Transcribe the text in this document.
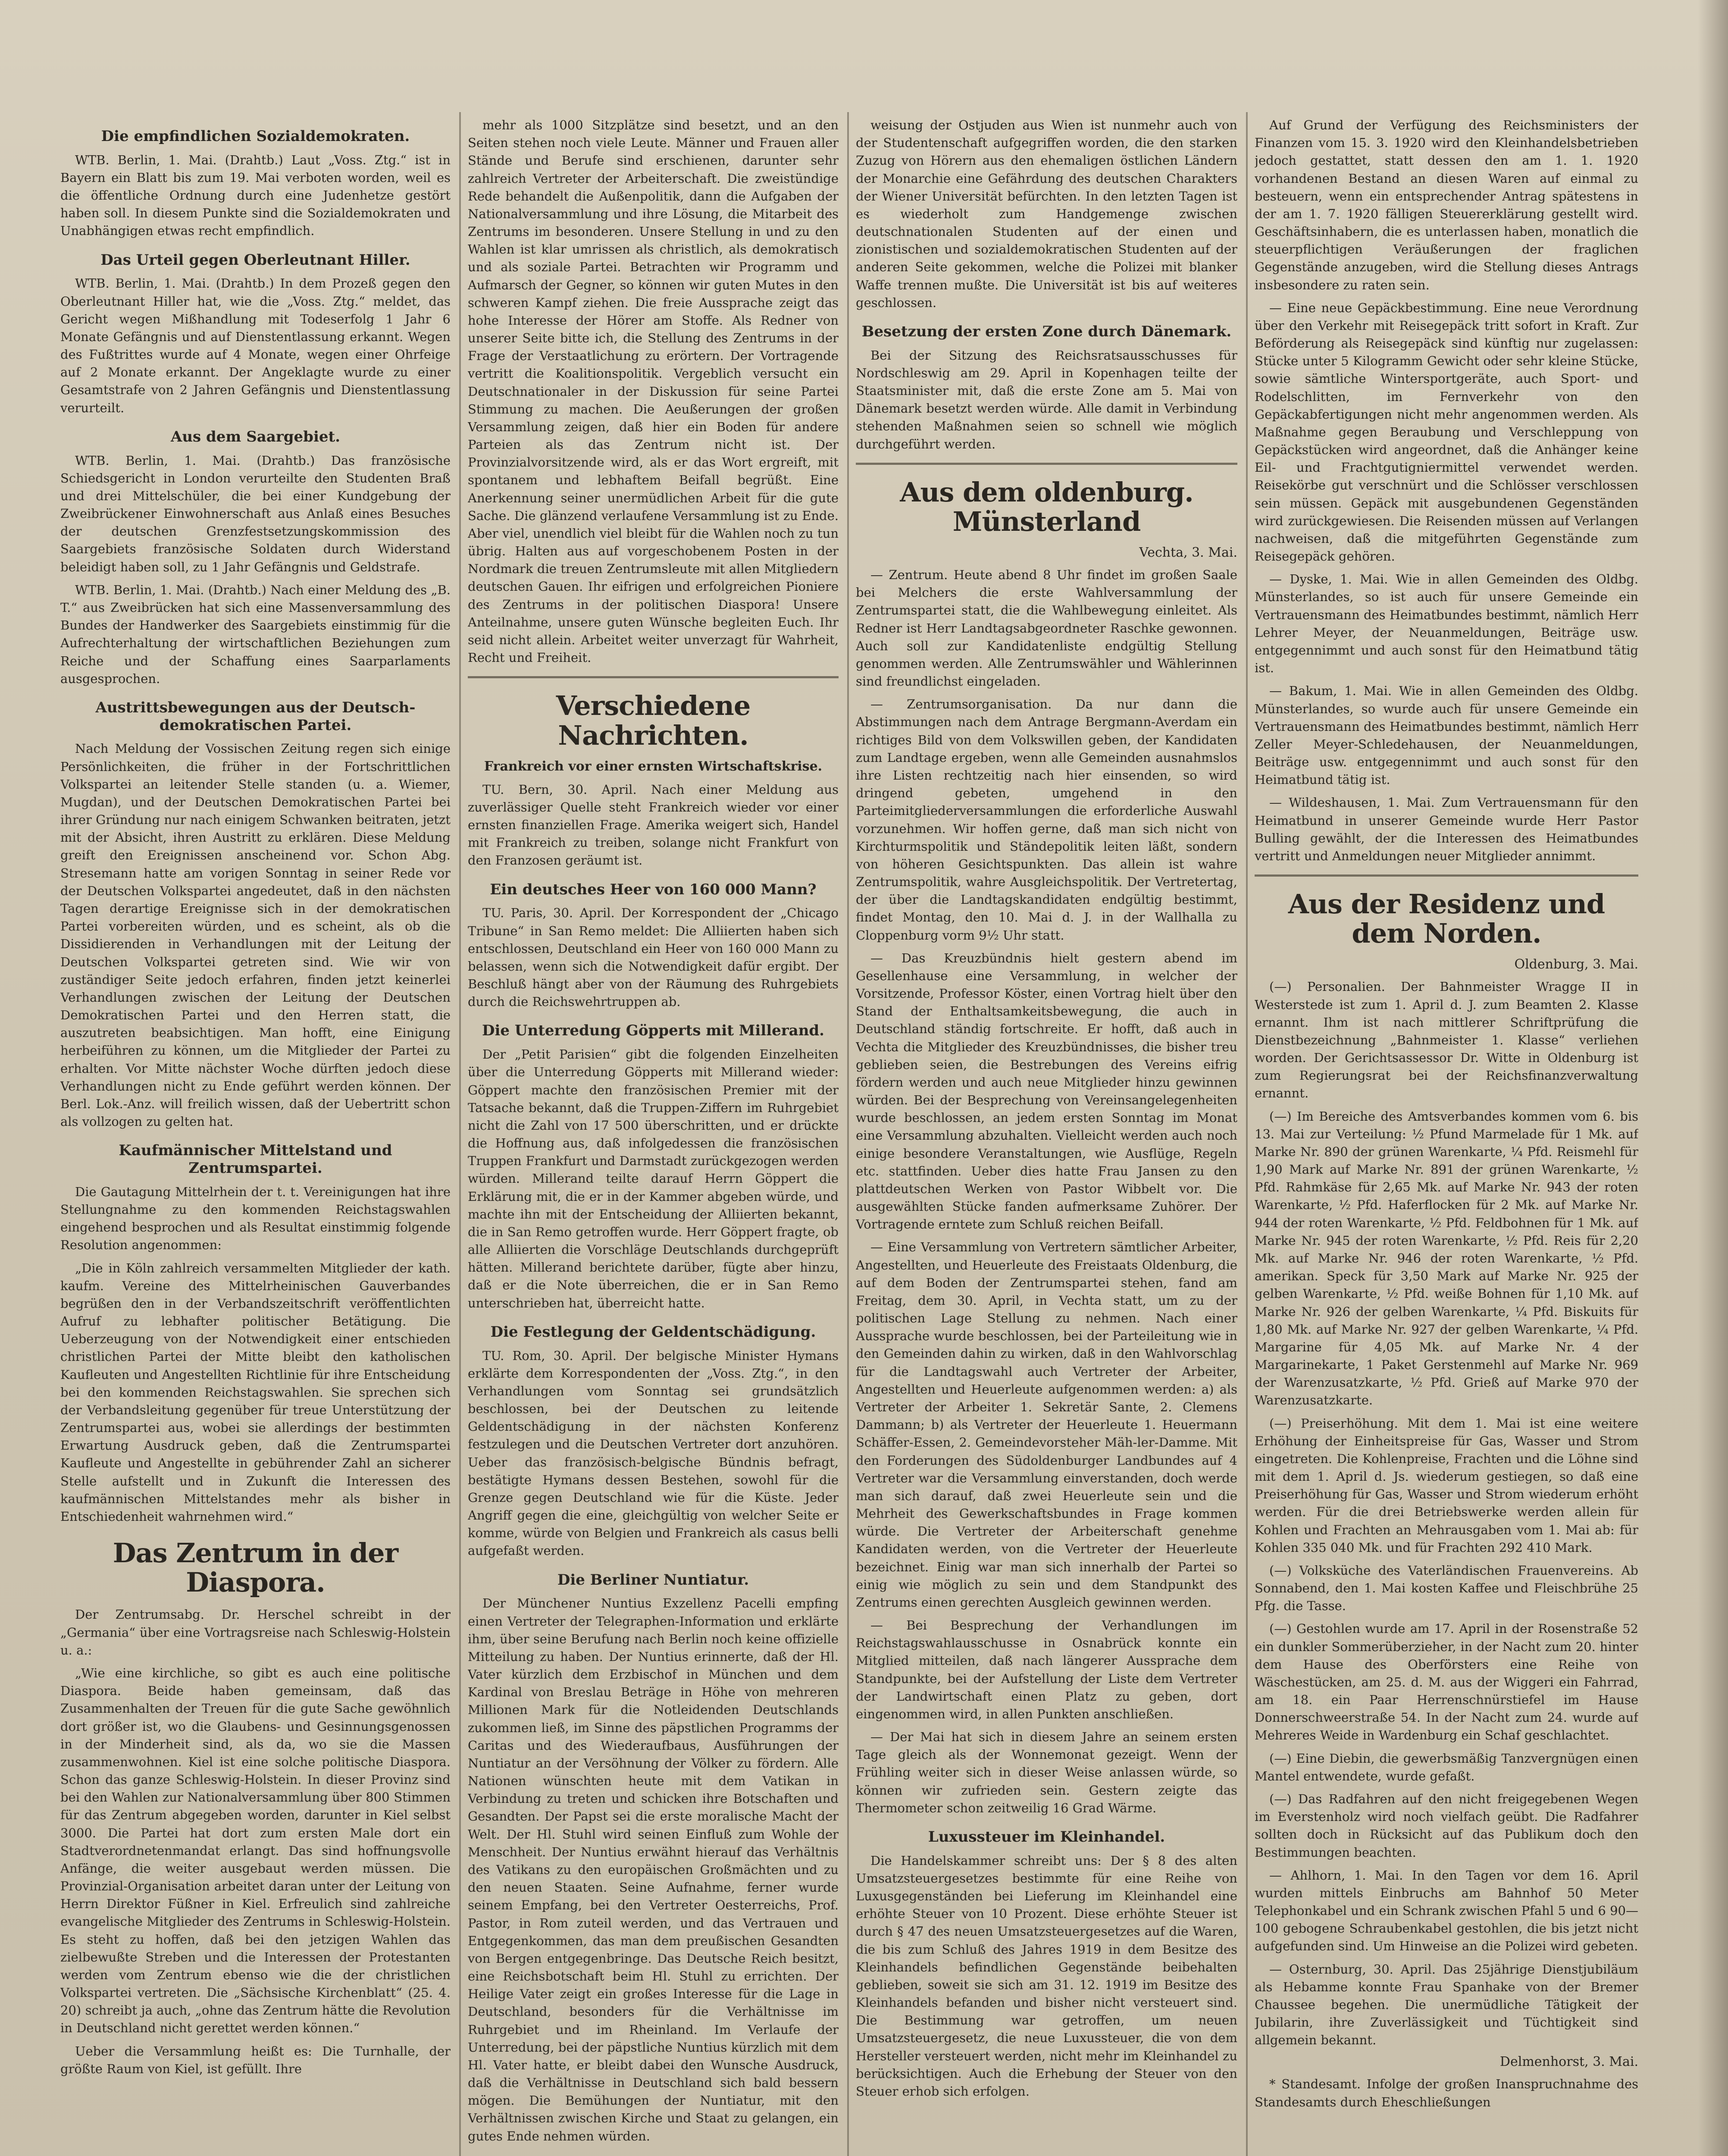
Die empfindlichen Sozialdemokraten.

WTB. Berlin, 1. Mai. (Drahtb.) Laut „Voss. Ztg.“ ist in Bayern ein Blatt bis zum 19. Mai verboten worden, weil es die öffentliche Ordnung durch eine Judenhetze gestört haben soll. In diesem Punkte sind die Sozialdemokraten und Unabhängigen etwas recht empfindlich.

Das Urteil gegen Oberleutnant Hiller.

WTB. Berlin, 1. Mai. (Drahtb.) In dem Prozeß gegen den Oberleutnant Hiller hat, wie die „Voss. Ztg.“ meldet, das Gericht wegen Mißhandlung mit Todeserfolg 1 Jahr 6 Monate Gefängnis und auf Dienstentlassung erkannt. Wegen des Fußtrittes wurde auf 4 Monate, wegen einer Ohrfeige auf 2 Monate erkannt. Der Angeklagte wurde zu einer Gesamtstrafe von 2 Jahren Gefängnis und Dienstentlassung verurteilt.

Aus dem Saargebiet.

WTB. Berlin, 1. Mai. (Drahtb.) Das französische Schiedsgericht in London verurteilte den Studenten Braß und drei Mittelschüler, die bei einer Kundgebung der Zweibrückener Einwohnerschaft aus Anlaß eines Besuches der deutschen Grenzfestsetzungskommission des Saargebiets französische Soldaten durch Widerstand beleidigt haben soll, zu 1 Jahr Gefängnis und Geldstrafe.

WTB. Berlin, 1. Mai. (Drahtb.) Nach einer Meldung des „B. T.“ aus Zweibrücken hat sich eine Massenversammlung des Bundes der Handwerker des Saargebiets einstimmig für die Aufrechterhaltung der wirtschaftlichen Beziehungen zum Reiche und der Schaffung eines Saarparlaments ausgesprochen.

Austrittsbewegungen aus der Deutsch-demokratischen Partei.

Nach Meldung der Vossischen Zeitung regen sich einige Persönlichkeiten, die früher in der Fortschrittlichen Volkspartei an leitender Stelle standen (u. a. Wiemer, Mugdan), und der Deutschen Demokratischen Partei bei ihrer Gründung nur nach einigem Schwanken beitraten, jetzt mit der Absicht, ihren Austritt zu erklären. Diese Meldung greift den Ereignissen anscheinend vor. Schon Abg. Stresemann hatte am vorigen Sonntag in seiner Rede vor der Deutschen Volkspartei angedeutet, daß in den nächsten Tagen derartige Ereignisse sich in der demokratischen Partei vorbereiten würden, und es scheint, als ob die Dissidierenden in Verhandlungen mit der Leitung der Deutschen Volkspartei getreten sind. Wie wir von zuständiger Seite jedoch erfahren, finden jetzt keinerlei Verhandlungen zwischen der Leitung der Deutschen Demokratischen Partei und den Herren statt, die auszutreten beabsichtigen. Man hofft, eine Einigung herbeiführen zu können, um die Mitglieder der Partei zu erhalten. Vor Mitte nächster Woche dürften jedoch diese Verhandlungen nicht zu Ende geführt werden können. Der Berl. Lok.-Anz. will freilich wissen, daß der Uebertritt schon als vollzogen zu gelten hat.

Kaufmännischer Mittelstand und Zentrumspartei.

Die Gautagung Mittelrhein der t. t. Vereinigungen hat ihre Stellungnahme zu den kommenden Reichstagswahlen eingehend besprochen und als Resultat einstimmig folgende Resolution angenommen:

„Die in Köln zahlreich versammelten Mitglieder der kath. kaufm. Vereine des Mittelrheinischen Gauverbandes begrüßen den in der Verbandszeitschrift veröffentlichten Aufruf zu lebhafter politischer Betätigung. Die Ueberzeugung von der Notwendigkeit einer entschieden christlichen Partei der Mitte bleibt den katholischen Kaufleuten und Angestellten Richtlinie für ihre Entscheidung bei den kommenden Reichstagswahlen. Sie sprechen sich der Verbandsleitung gegenüber für treue Unterstützung der Zentrumspartei aus, wobei sie allerdings der bestimmten Erwartung Ausdruck geben, daß die Zentrumspartei Kaufleute und Angestellte in gebührender Zahl an sicherer Stelle aufstellt und in Zukunft die Interessen des kaufmännischen Mittelstandes mehr als bisher in Entschiedenheit wahrnehmen wird.“

Das Zentrum in der Diaspora.

Der Zentrumsabg. Dr. Herschel schreibt in der „Germania“ über eine Vortragsreise nach Schleswig-Holstein u. a.:

„Wie eine kirchliche, so gibt es auch eine politische Diaspora. Beide haben gemeinsam, daß das Zusammenhalten der Treuen für die gute Sache gewöhnlich dort größer ist, wo die Glaubens- und Gesinnungsgenossen in der Minderheit sind, als da, wo sie die Massen zusammenwohnen. Kiel ist eine solche politische Diaspora. Schon das ganze Schleswig-Holstein. In dieser Provinz sind bei den Wahlen zur Nationalversammlung über 800 Stimmen für das Zentrum abgegeben worden, darunter in Kiel selbst 3000. Die Partei hat dort zum ersten Male dort ein Stadtverordnetenmandat erlangt. Das sind hoffnungsvolle Anfänge, die weiter ausgebaut werden müssen. Die Provinzial-Organisation arbeitet daran unter der Leitung von Herrn Direktor Füßner in Kiel. Erfreulich sind zahlreiche evangelische Mitglieder des Zentrums in Schleswig-Holstein. Es steht zu hoffen, daß bei den jetzigen Wahlen das zielbewußte Streben und die Interessen der Protestanten werden vom Zentrum ebenso wie die der christlichen Volkspartei vertreten. Die „Sächsische Kirchenblatt“ (25. 4. 20) schreibt ja auch, „ohne das Zentrum hätte die Revolution in Deutschland nicht gerettet werden können.“

Ueber die Versammlung heißt es: Die Turnhalle, der größte Raum von Kiel, ist gefüllt. Ihre

mehr als 1000 Sitzplätze sind besetzt, und an den Seiten stehen noch viele Leute. Männer und Frauen aller Stände und Berufe sind erschienen, darunter sehr zahlreich Vertreter der Arbeiterschaft. Die zweistündige Rede behandelt die Außenpolitik, dann die Aufgaben der Nationalversammlung und ihre Lösung, die Mitarbeit des Zentrums im besonderen. Unsere Stellung in und zu den Wahlen ist klar umrissen als christlich, als demokratisch und als soziale Partei. Betrachten wir Programm und Aufmarsch der Gegner, so können wir guten Mutes in den schweren Kampf ziehen. Die freie Aussprache zeigt das hohe Interesse der Hörer am Stoffe. Als Redner von unserer Seite bitte ich, die Stellung des Zentrums in der Frage der Verstaatlichung zu erörtern. Der Vortragende vertritt die Koalitionspolitik. Vergeblich versucht ein Deutschnationaler in der Diskussion für seine Partei Stimmung zu machen. Die Aeußerungen der großen Versammlung zeigen, daß hier ein Boden für andere Parteien als das Zentrum nicht ist. Der Provinzialvorsitzende wird, als er das Wort ergreift, mit spontanem und lebhaftem Beifall begrüßt. Eine Anerkennung seiner unermüdlichen Arbeit für die gute Sache. Die glänzend verlaufene Versammlung ist zu Ende. Aber viel, unendlich viel bleibt für die Wahlen noch zu tun übrig. Halten aus auf vorgeschobenem Posten in der Nordmark die treuen Zentrumsleute mit allen Mitgliedern deutschen Gauen. Ihr eifrigen und erfolgreichen Pioniere des Zentrums in der politischen Diaspora! Unsere Anteilnahme, unsere guten Wünsche begleiten Euch. Ihr seid nicht allein. Arbeitet weiter unverzagt für Wahrheit, Recht und Freiheit.

Verschiedene Nachrichten.
Frankreich vor einer ernsten Wirtschaftskrise.

TU. Bern, 30. April. Nach einer Meldung aus zuverlässiger Quelle steht Frankreich wieder vor einer ernsten finanziellen Frage. Amerika weigert sich, Handel mit Frankreich zu treiben, solange nicht Frankfurt von den Franzosen geräumt ist.

Ein deutsches Heer von 160 000 Mann?

TU. Paris, 30. April. Der Korrespondent der „Chicago Tribune“ in San Remo meldet: Die Alliierten haben sich entschlossen, Deutschland ein Heer von 160 000 Mann zu belassen, wenn sich die Notwendigkeit dafür ergibt. Der Beschluß hängt aber von der Räumung des Ruhrgebiets durch die Reichswehrtruppen ab.

Die Unterredung Göpperts mit Millerand.

Der „Petit Parisien“ gibt die folgenden Einzelheiten über die Unterredung Göpperts mit Millerand wieder: Göppert machte den französischen Premier mit der Tatsache bekannt, daß die Truppen-Ziffern im Ruhrgebiet nicht die Zahl von 17 500 überschritten, und er drückte die Hoffnung aus, daß infolgedessen die französischen Truppen Frankfurt und Darmstadt zurückgezogen werden würden. Millerand teilte darauf Herrn Göppert die Erklärung mit, die er in der Kammer abgeben würde, und machte ihn mit der Entscheidung der Alliierten bekannt, die in San Remo getroffen wurde. Herr Göppert fragte, ob alle Alliierten die Vorschläge Deutschlands durchgeprüft hätten. Millerand berichtete darüber, fügte aber hinzu, daß er die Note überreichen, die er in San Remo unterschrieben hat, überreicht hatte.

Die Festlegung der Geldentschädigung.

TU. Rom, 30. April. Der belgische Minister Hymans erklärte dem Korrespondenten der „Voss. Ztg.“, in den Verhandlungen vom Sonntag sei grundsätzlich beschlossen, bei der Deutschen zu leitende Geldentschädigung in der nächsten Konferenz festzulegen und die Deutschen Vertreter dort anzuhören. Ueber das französisch-belgische Bündnis befragt, bestätigte Hymans dessen Bestehen, sowohl für die Grenze gegen Deutschland wie für die Küste. Jeder Angriff gegen die eine, gleichgültig von welcher Seite er komme, würde von Belgien und Frankreich als casus belli aufgefaßt werden.

Die Berliner Nuntiatur.

Der Münchener Nuntius Exzellenz Pacelli empfing einen Vertreter der Telegraphen-Information und erklärte ihm, über seine Berufung nach Berlin noch keine offizielle Mitteilung zu haben. Der Nuntius erinnerte, daß der Hl. Vater kürzlich dem Erzbischof in München und dem Kardinal von Breslau Beträge in Höhe von mehreren Millionen Mark für die Notleidenden Deutschlands zukommen ließ, im Sinne des päpstlichen Programms der Caritas und des Wiederaufbaus, Ausführungen der Nuntiatur an der Versöhnung der Völker zu fördern. Alle Nationen wünschten heute mit dem Vatikan in Verbindung zu treten und schicken ihre Botschaften und Gesandten. Der Papst sei die erste moralische Macht der Welt. Der Hl. Stuhl wird seinen Einfluß zum Wohle der Menschheit. Der Nuntius erwähnt hierauf das Verhältnis des Vatikans zu den europäischen Großmächten und zu den neuen Staaten. Seine Aufnahme, ferner wurde seinem Empfang, bei den Vertreter Oesterreichs, Prof. Pastor, in Rom zuteil werden, und das Vertrauen und Entgegenkommen, das man dem preußischen Gesandten von Bergen entgegenbringe. Das Deutsche Reich besitzt, eine Reichsbotschaft beim Hl. Stuhl zu errichten. Der Heilige Vater zeigt ein großes Interesse für die Lage in Deutschland, besonders für die Verhältnisse im Ruhrgebiet und im Rheinland. Im Verlaufe der Unterredung, bei der päpstliche Nuntius kürzlich mit dem Hl. Vater hatte, er bleibt dabei den Wunsche Ausdruck, daß die Verhältnisse in Deutschland sich bald bessern mögen. Die Bemühungen der Nuntiatur, mit den Verhältnissen zwischen Kirche und Staat zu gelangen, ein gutes Ende nehmen würden.

weisung der Ostjuden aus Wien ist nunmehr auch von der Studentenschaft aufgegriffen worden, die den starken Zuzug von Hörern aus den ehemaligen östlichen Ländern der Monarchie eine Gefährdung des deutschen Charakters der Wiener Universität befürchten. In den letzten Tagen ist es wiederholt zum Handgemenge zwischen deutschnationalen Studenten auf der einen und zionistischen und sozialdemokratischen Studenten auf der anderen Seite gekommen, welche die Polizei mit blanker Waffe trennen mußte. Die Universität ist bis auf weiteres geschlossen.

Besetzung der ersten Zone durch Dänemark.

Bei der Sitzung des Reichsratsausschusses für Nordschleswig am 29. April in Kopenhagen teilte der Staatsminister mit, daß die erste Zone am 5. Mai von Dänemark besetzt werden würde. Alle damit in Verbindung stehenden Maßnahmen seien so schnell wie möglich durchgeführt werden.

Aus dem oldenburg. Münsterland
Vechta, 3. Mai.

— Zentrum. Heute abend 8 Uhr findet im großen Saale bei Melchers die erste Wahlversammlung der Zentrumspartei statt, die die Wahlbewegung einleitet. Als Redner ist Herr Landtagsabgeordneter Raschke gewonnen. Auch soll zur Kandidatenliste endgültig Stellung genommen werden. Alle Zentrumswähler und Wählerinnen sind freundlichst eingeladen.

— Zentrumsorganisation. Da nur dann die Abstimmungen nach dem Antrage Bergmann-Averdam ein richtiges Bild von dem Volkswillen geben, der Kandidaten zum Landtage ergeben, wenn alle Gemeinden ausnahmslos ihre Listen rechtzeitig nach hier einsenden, so wird dringend gebeten, umgehend in den Parteimitgliederversammlungen die erforderliche Auswahl vorzunehmen. Wir hoffen gerne, daß man sich nicht von Kirchturmspolitik und Ständepolitik leiten läßt, sondern von höheren Gesichtspunkten. Das allein ist wahre Zentrumspolitik, wahre Ausgleichspolitik. Der Vertretertag, der über die Landtagskandidaten endgültig bestimmt, findet Montag, den 10. Mai d. J. in der Wallhalla zu Cloppenburg vorm 9½ Uhr statt.

— Das Kreuzbündnis hielt gestern abend im Gesellenhause eine Versammlung, in welcher der Vorsitzende, Professor Köster, einen Vortrag hielt über den Stand der Enthaltsamkeitsbewegung, die auch in Deutschland ständig fortschreite. Er hofft, daß auch in Vechta die Mitglieder des Kreuzbündnisses, die bisher treu geblieben seien, die Bestrebungen des Vereins eifrig fördern werden und auch neue Mitglieder hinzu gewinnen würden. Bei der Besprechung von Vereinsangelegenheiten wurde beschlossen, an jedem ersten Sonntag im Monat eine Versammlung abzuhalten. Vielleicht werden auch noch einige besondere Veranstaltungen, wie Ausflüge, Regeln etc. stattfinden. Ueber dies hatte Frau Jansen zu den plattdeutschen Werken von Pastor Wibbelt vor. Die ausgewählten Stücke fanden aufmerksame Zuhörer. Der Vortragende erntete zum Schluß reichen Beifall.

— Eine Versammlung von Vertretern sämtlicher Arbeiter, Angestellten, und Heuerleute des Freistaats Oldenburg, die auf dem Boden der Zentrumspartei stehen, fand am Freitag, dem 30. April, in Vechta statt, um zu der politischen Lage Stellung zu nehmen. Nach einer Aussprache wurde beschlossen, bei der Parteileitung wie in den Gemeinden dahin zu wirken, daß in den Wahlvorschlag für die Landtagswahl auch Vertreter der Arbeiter, Angestellten und Heuerleute aufgenommen werden: a) als Vertreter der Arbeiter 1. Sekretär Sante, 2. Clemens Dammann; b) als Vertreter der Heuerleute 1. Heuermann Schäffer-Essen, 2. Gemeindevorsteher Mäh-ler-Damme. Mit den Forderungen des Südoldenburger Landbundes auf 4 Vertreter war die Versammlung einverstanden, doch werde man sich darauf, daß zwei Heuerleute sein und die Mehrheit des Gewerkschaftsbundes in Frage kommen würde. Die Vertreter der Arbeiterschaft genehme Kandidaten werden, von die Vertreter der Heuerleute bezeichnet. Einig war man sich innerhalb der Partei so einig wie möglich zu sein und dem Standpunkt des Zentrums einen gerechten Ausgleich gewinnen werden.

— Bei Besprechung der Verhandlungen im Reichstagswahlausschusse in Osnabrück konnte ein Mitglied mitteilen, daß nach längerer Aussprache dem Standpunkte, bei der Aufstellung der Liste dem Vertreter der Landwirtschaft einen Platz zu geben, dort eingenommen wird, in allen Punkten anschließen.

— Der Mai hat sich in diesem Jahre an seinem ersten Tage gleich als der Wonnemonat gezeigt. Wenn der Frühling weiter sich in dieser Weise anlassen würde, so können wir zufrieden sein. Gestern zeigte das Thermometer schon zeitweilig 16 Grad Wärme.

Luxussteuer im Kleinhandel.

Die Handelskammer schreibt uns: Der § 8 des alten Umsatzsteuergesetzes bestimmte für eine Reihe von Luxusgegenständen bei Lieferung im Kleinhandel eine erhöhte Steuer von 10 Prozent. Diese erhöhte Steuer ist durch § 47 des neuen Umsatzsteuergesetzes auf die Waren, die bis zum Schluß des Jahres 1919 in dem Besitze des Kleinhandels befindlichen Gegenstände beibehalten geblieben, soweit sie sich am 31. 12. 1919 im Besitze des Kleinhandels befanden und bisher nicht versteuert sind. Die Bestimmung war getroffen, um neuen Umsatzsteuergesetz, die neue Luxussteuer, die von dem Hersteller versteuert werden, nicht mehr im Kleinhandel zu berücksichtigen. Auch die Erhebung der Steuer von den Steuer erhob sich erfolgen.

Auf Grund der Verfügung des Reichsministers der Finanzen vom 15. 3. 1920 wird den Kleinhandelsbetrieben jedoch gestattet, statt dessen den am 1. 1. 1920 vorhandenen Bestand an diesen Waren auf einmal zu besteuern, wenn ein entsprechender Antrag spätestens in der am 1. 7. 1920 fälligen Steuererklärung gestellt wird. Geschäftsinhabern, die es unterlassen haben, monatlich die steuerpflichtigen Veräußerungen der fraglichen Gegenstände anzugeben, wird die Stellung dieses Antrags insbesondere zu raten sein.

— Eine neue Gepäckbestimmung. Eine neue Verordnung über den Verkehr mit Reisegepäck tritt sofort in Kraft. Zur Beförderung als Reisegepäck sind künftig nur zugelassen: Stücke unter 5 Kilogramm Gewicht oder sehr kleine Stücke, sowie sämtliche Wintersportgeräte, auch Sport- und Rodelschlitten, im Fernverkehr von den Gepäckabfertigungen nicht mehr angenommen werden. Als Maßnahme gegen Beraubung und Verschleppung von Gepäckstücken wird angeordnet, daß die Anhänger keine Eil- und Frachtgutigniermittel verwendet werden. Reisekörbe gut verschnürt und die Schlösser verschlossen sein müssen. Gepäck mit ausgebundenen Gegenständen wird zurückgewiesen. Die Reisenden müssen auf Verlangen nachweisen, daß die mitgeführten Gegenstände zum Reisegepäck gehören.

— Dyske, 1. Mai. Wie in allen Gemeinden des Oldbg. Münsterlandes, so ist auch für unsere Gemeinde ein Vertrauensmann des Heimatbundes bestimmt, nämlich Herr Lehrer Meyer, der Neuanmeldungen, Beiträge usw. entgegennimmt und auch sonst für den Heimatbund tätig ist.

— Bakum, 1. Mai. Wie in allen Gemeinden des Oldbg. Münsterlandes, so wurde auch für unsere Gemeinde ein Vertrauensmann des Heimatbundes bestimmt, nämlich Herr Zeller Meyer-Schledehausen, der Neuanmeldungen, Beiträge usw. entgegennimmt und auch sonst für den Heimatbund tätig ist.

— Wildeshausen, 1. Mai. Zum Vertrauensmann für den Heimatbund in unserer Gemeinde wurde Herr Pastor Bulling gewählt, der die Interessen des Heimatbundes vertritt und Anmeldungen neuer Mitglieder annimmt.

Aus der Residenz und dem Norden.
Oldenburg, 3. Mai.

(—) Personalien. Der Bahnmeister Wragge II in Westerstede ist zum 1. April d. J. zum Beamten 2. Klasse ernannt. Ihm ist nach mittlerer Schriftprüfung die Dienstbezeichnung „Bahnmeister 1. Klasse“ verliehen worden. Der Gerichtsassessor Dr. Witte in Oldenburg ist zum Regierungsrat bei der Reichsfinanzverwaltung ernannt.

(—) Im Bereiche des Amtsverbandes kommen vom 6. bis 13. Mai zur Verteilung: ½ Pfund Marmelade für 1 Mk. auf Marke Nr. 890 der grünen Warenkarte, ¼ Pfd. Reismehl für 1,90 Mark auf Marke Nr. 891 der grünen Warenkarte, ½ Pfd. Rahmkäse für 2,65 Mk. auf Marke Nr. 943 der roten Warenkarte, ½ Pfd. Haferflocken für 2 Mk. auf Marke Nr. 944 der roten Warenkarte, ½ Pfd. Feldbohnen für 1 Mk. auf Marke Nr. 945 der roten Warenkarte, ½ Pfd. Reis für 2,20 Mk. auf Marke Nr. 946 der roten Warenkarte, ½ Pfd. amerikan. Speck für 3,50 Mark auf Marke Nr. 925 der gelben Warenkarte, ½ Pfd. weiße Bohnen für 1,10 Mk. auf Marke Nr. 926 der gelben Warenkarte, ¼ Pfd. Biskuits für 1,80 Mk. auf Marke Nr. 927 der gelben Warenkarte, ¼ Pfd. Margarine für 4,05 Mk. auf Marke Nr. 4 der Margarinekarte, 1 Paket Gerstenmehl auf Marke Nr. 969 der Warenzusatzkarte, ½ Pfd. Grieß auf Marke 970 der Warenzusatzkarte.

(—) Preiserhöhung. Mit dem 1. Mai ist eine weitere Erhöhung der Einheitspreise für Gas, Wasser und Strom eingetreten. Die Kohlenpreise, Frachten und die Löhne sind mit dem 1. April d. Js. wiederum gestiegen, so daß eine Preiserhöhung für Gas, Wasser und Strom wiederum erhöht werden. Für die drei Betriebswerke werden allein für Kohlen und Frachten an Mehrausgaben vom 1. Mai ab: für Kohlen 335 040 Mk. und für Frachten 292 410 Mark.

(—) Volksküche des Vaterländischen Frauenvereins. Ab Sonnabend, den 1. Mai kosten Kaffee und Fleischbrühe 25 Pfg. die Tasse.

(—) Gestohlen wurde am 17. April in der Rosenstraße 52 ein dunkler Sommerüberzieher, in der Nacht zum 20. hinter dem Hause des Oberförsters eine Reihe von Wäschestücken, am 25. d. M. aus der Wiggeri ein Fahrrad, am 18. ein Paar Herrenschnürstiefel im Hause Donnerschweerstraße 54. In der Nacht zum 24. wurde auf Mehreres Weide in Wardenburg ein Schaf geschlachtet.

(—) Eine Diebin, die gewerbsmäßig Tanzvergnügen einen Mantel entwendete, wurde gefaßt.

(—) Das Radfahren auf den nicht freigegebenen Wegen im Everstenholz wird noch vielfach geübt. Die Radfahrer sollten doch in Rücksicht auf das Publikum doch den Bestimmungen beachten.

— Ahlhorn, 1. Mai. In den Tagen vor dem 16. April wurden mittels Einbruchs am Bahnhof 50 Meter Telephonkabel und ein Schrank zwischen Pfahl 5 und 6 90—100 gebogene Schraubenkabel gestohlen, die bis jetzt nicht aufgefunden sind. Um Hinweise an die Polizei wird gebeten.

— Osternburg, 30. April. Das 25jährige Dienstjubiläum als Hebamme konnte Frau Spanhake von der Bremer Chaussee begehen. Die unermüdliche Tätigkeit der Jubilarin, ihre Zuverlässigkeit und Tüchtigkeit sind allgemein bekannt.

Delmenhorst, 3. Mai.

* Standesamt. Infolge der großen Inanspruchnahme des Standesamts durch Eheschließungen
